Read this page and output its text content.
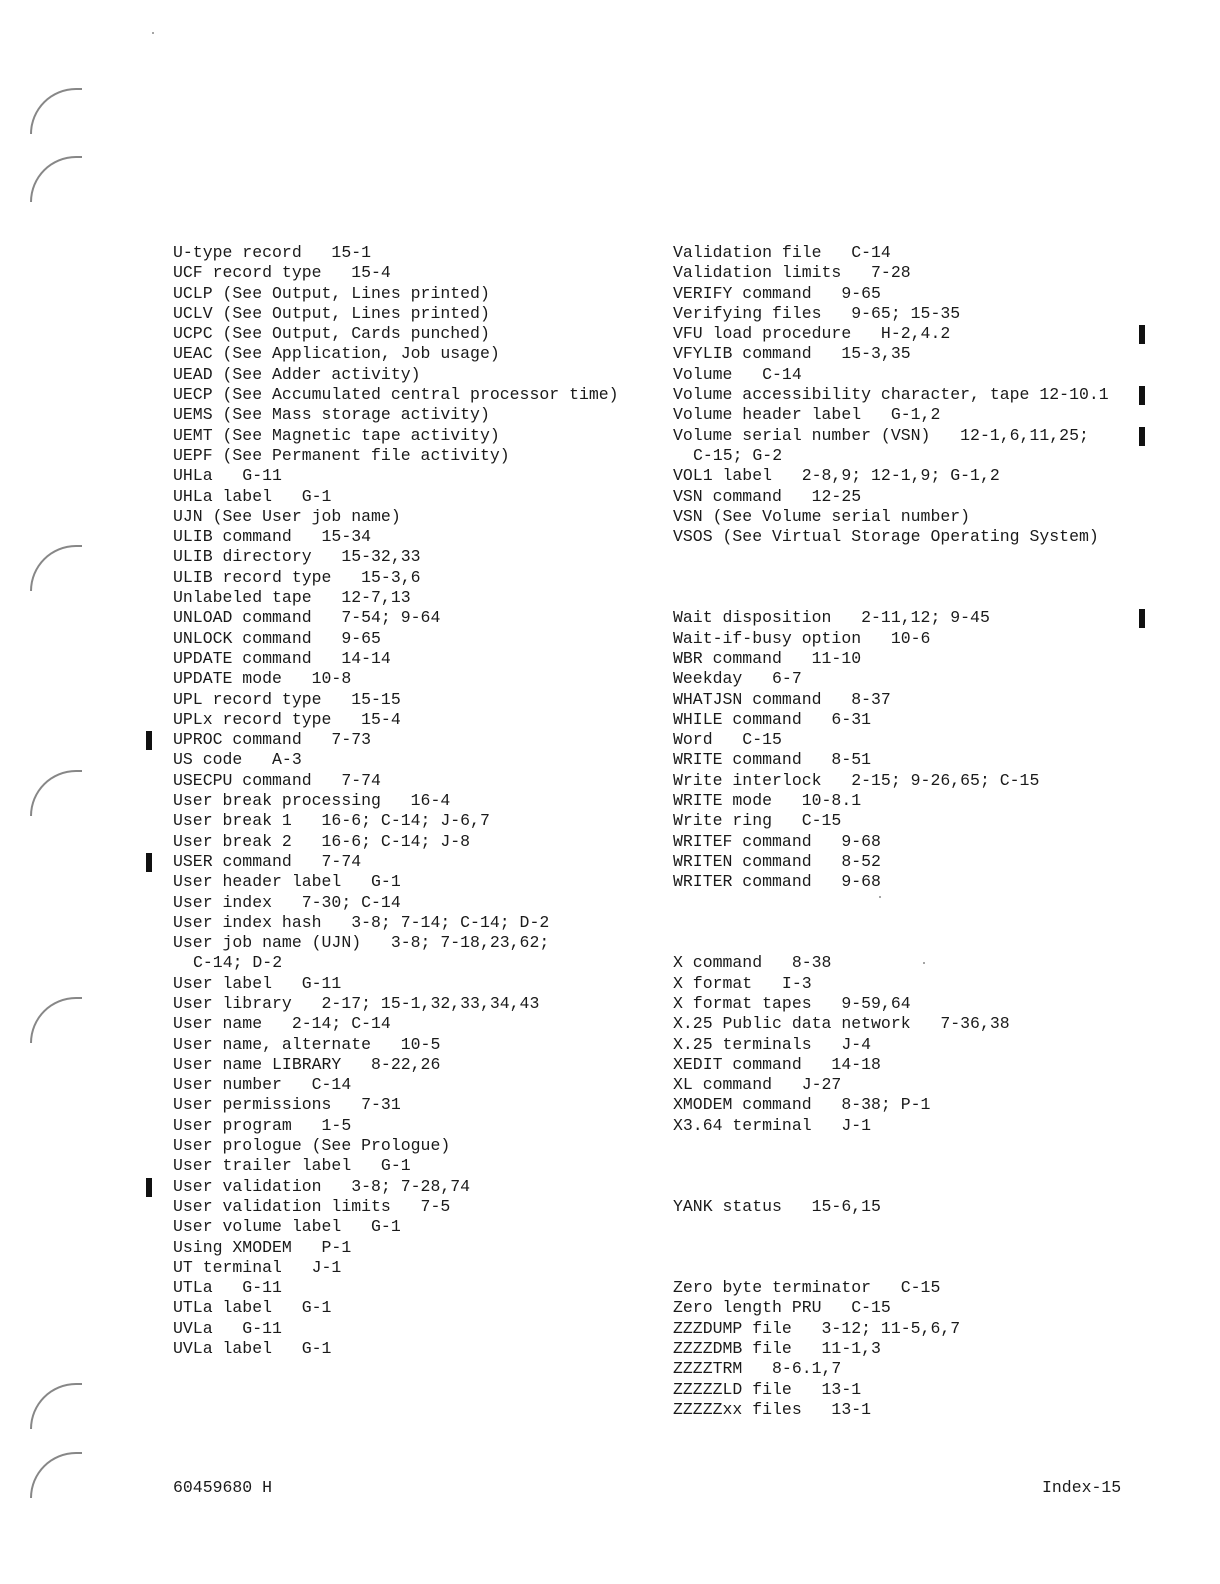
U-type record   15-1
UCF record type   15-4
UCLP (See Output, Lines printed)
UCLV (See Output, Lines printed)
UCPC (See Output, Cards punched)
UEAC (See Application, Job usage)
UEAD (See Adder activity)
UECP (See Accumulated central processor time)
UEMS (See Mass storage activity)
UEMT (See Magnetic tape activity)
UEPF (See Permanent file activity)
UHLa   G-11
UHLa label   G-1
UJN (See User job name)
ULIB command   15-34
ULIB directory   15-32,33
ULIB record type   15-3,6
Unlabeled tape   12-7,13
UNLOAD command   7-54; 9-64
UNLOCK command   9-65
UPDATE command   14-14
UPDATE mode   10-8
UPL record type   15-15
UPLx record type   15-4
UPROC command   7-73
US code   A-3
USECPU command   7-74
User break processing   16-4
User break 1   16-6; C-14; J-6,7
User break 2   16-6; C-14; J-8
USER command   7-74
User header label   G-1
User index   7-30; C-14
User index hash   3-8; 7-14; C-14; D-2
User job name (UJN)   3-8; 7-18,23,62;
C-14; D-2
User label   G-11
User library   2-17; 15-1,32,33,34,43
User name   2-14; C-14
User name, alternate   10-5
User name LIBRARY   8-22,26
User number   C-14
User permissions   7-31
User program   1-5
User prologue (See Prologue)
User trailer label   G-1
User validation   3-8; 7-28,74
User validation limits   7-5
User volume label   G-1
Using XMODEM   P-1
UT terminal   J-1
UTLa   G-11
UTLa label   G-1
UVLa   G-11
UVLa label   G-1
Validation file   C-14
Validation limits   7-28
VERIFY command   9-65
Verifying files   9-65; 15-35
VFU load procedure   H-2,4.2
VFYLIB command   15-3,35
Volume   C-14
Volume accessibility character, tape 12-10.1
Volume header label   G-1,2
Volume serial number (VSN)   12-1,6,11,25;
C-15; G-2
VOL1 label   2-8,9; 12-1,9; G-1,2
VSN command   12-25
VSN (See Volume serial number)
VSOS (See Virtual Storage Operating System)
Wait disposition   2-11,12; 9-45
Wait-if-busy option   10-6
WBR command   11-10
Weekday   6-7
WHATJSN command   8-37
WHILE command   6-31
Word   C-15
WRITE command   8-51
Write interlock   2-15; 9-26,65; C-15
WRITE mode   10-8.1
Write ring   C-15
WRITEF command   9-68
WRITEN command   8-52
WRITER command   9-68
X command   8-38
X format   I-3
X format tapes   9-59,64
X.25 Public data network   7-36,38
X.25 terminals   J-4
XEDIT command   14-18
XL command   J-27
XMODEM command   8-38; P-1
X3.64 terminal   J-1
YANK status   15-6,15
Zero byte terminator   C-15
Zero length PRU   C-15
ZZZDUMP file   3-12; 11-5,6,7
ZZZZDMB file   11-1,3
ZZZZTRM   8-6.1,7
ZZZZZLD file   13-1
ZZZZZxx files   13-1
60459680 H	Index-15
